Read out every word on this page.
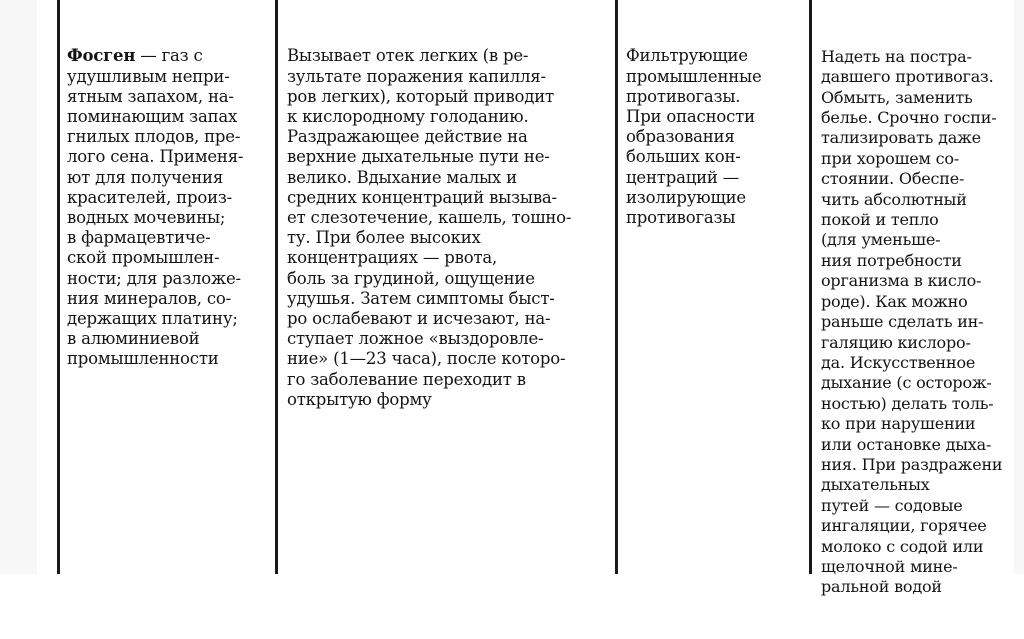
Фосген — газ с
удушливым непри-
ятным запахом, на-
поминающим запах
гнилых плодов, пре-
лого сена. Применя-
ют для получения
красителей, произ-
водных мочевины;
в фармацевтиче-
ской промышлен-
ности; для разложе-
ния минералов, со-
держащих платину;
в алюминиевой
промышленности

Вызывает отек легких (в ре-
зультате поражения капилля-
ров легких), который приводит
к кислородному голоданию.
Раздражающее действие на
верхние дыхательные пути не-
велико. Вдыхание малых и
средних концентраций вызыва-
ет слезотечение, кашель, тошно-
ту. При более высоких
концентрациях — рвота,
боль за грудиной, ощущение
удушья. Затем симптомы быст-
ро ослабевают и исчезают, на-
ступает ложное «выздоровле-
ние» (1—23 часа), после которо-
го заболевание переходит в
открытую форму

Фильтрующие
промышленные
противогазы.
При опасности
образования
больших кон-
центраций —
изолирующие
противогазы

Надеть на постра-
давшего противогаз.
Обмыть, заменить
белье. Срочно госпи-
тализировать даже
при хорошем со-
стоянии. Обеспе-
чить абсолютный
покой и тепло
(для уменьше-
ния потребности
организма в кисло-
роде). Как можно
раньше сделать ин-
галяцию кислоро-
да. Искусственное
дыхание (с осторож-
ностью) делать толь-
ко при нарушении
или остановке дыха-
ния. При раздражени
дыхательных
путей — содовые
ингаляции, горячее
молоко с содой или
щелочной мине-
ральной водой
